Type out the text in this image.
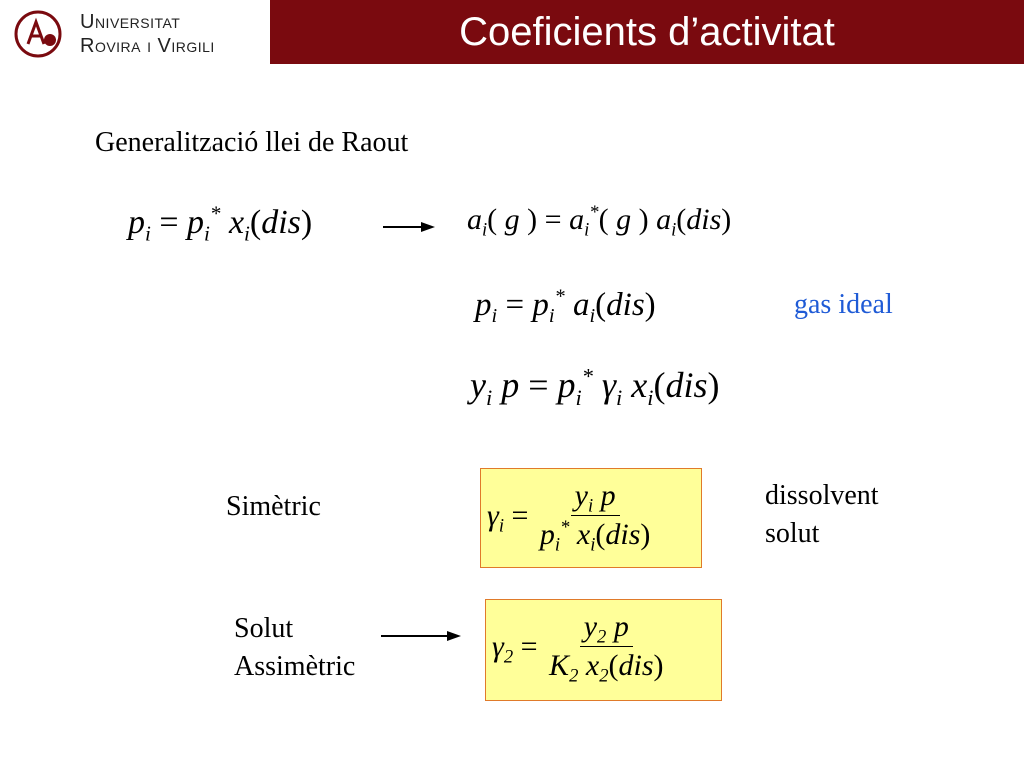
Universitat
Rovira i Virgili	Coeficients d’activitat
Generalització llei de Raout
$p_i = p_i^*$ $x_i(dis)$	$a_i$( g ) = $a_i^*$( g ) $a_i(dis)$
$p_i = p_i^*$ $a_i(dis)$	gas ideal
$y_i$ $p = p_i^*$ $\gamma_i$ $x_i(dis)$
Simètric	$\gamma_i$
=
$\frac{y_i p}{p_i^* x_i(dis)}$	dissolvent
solut
Solut
Assimètric
$\gamma_2$
=
$\frac{y_2 p}{K_2 x_2(dis)}$
